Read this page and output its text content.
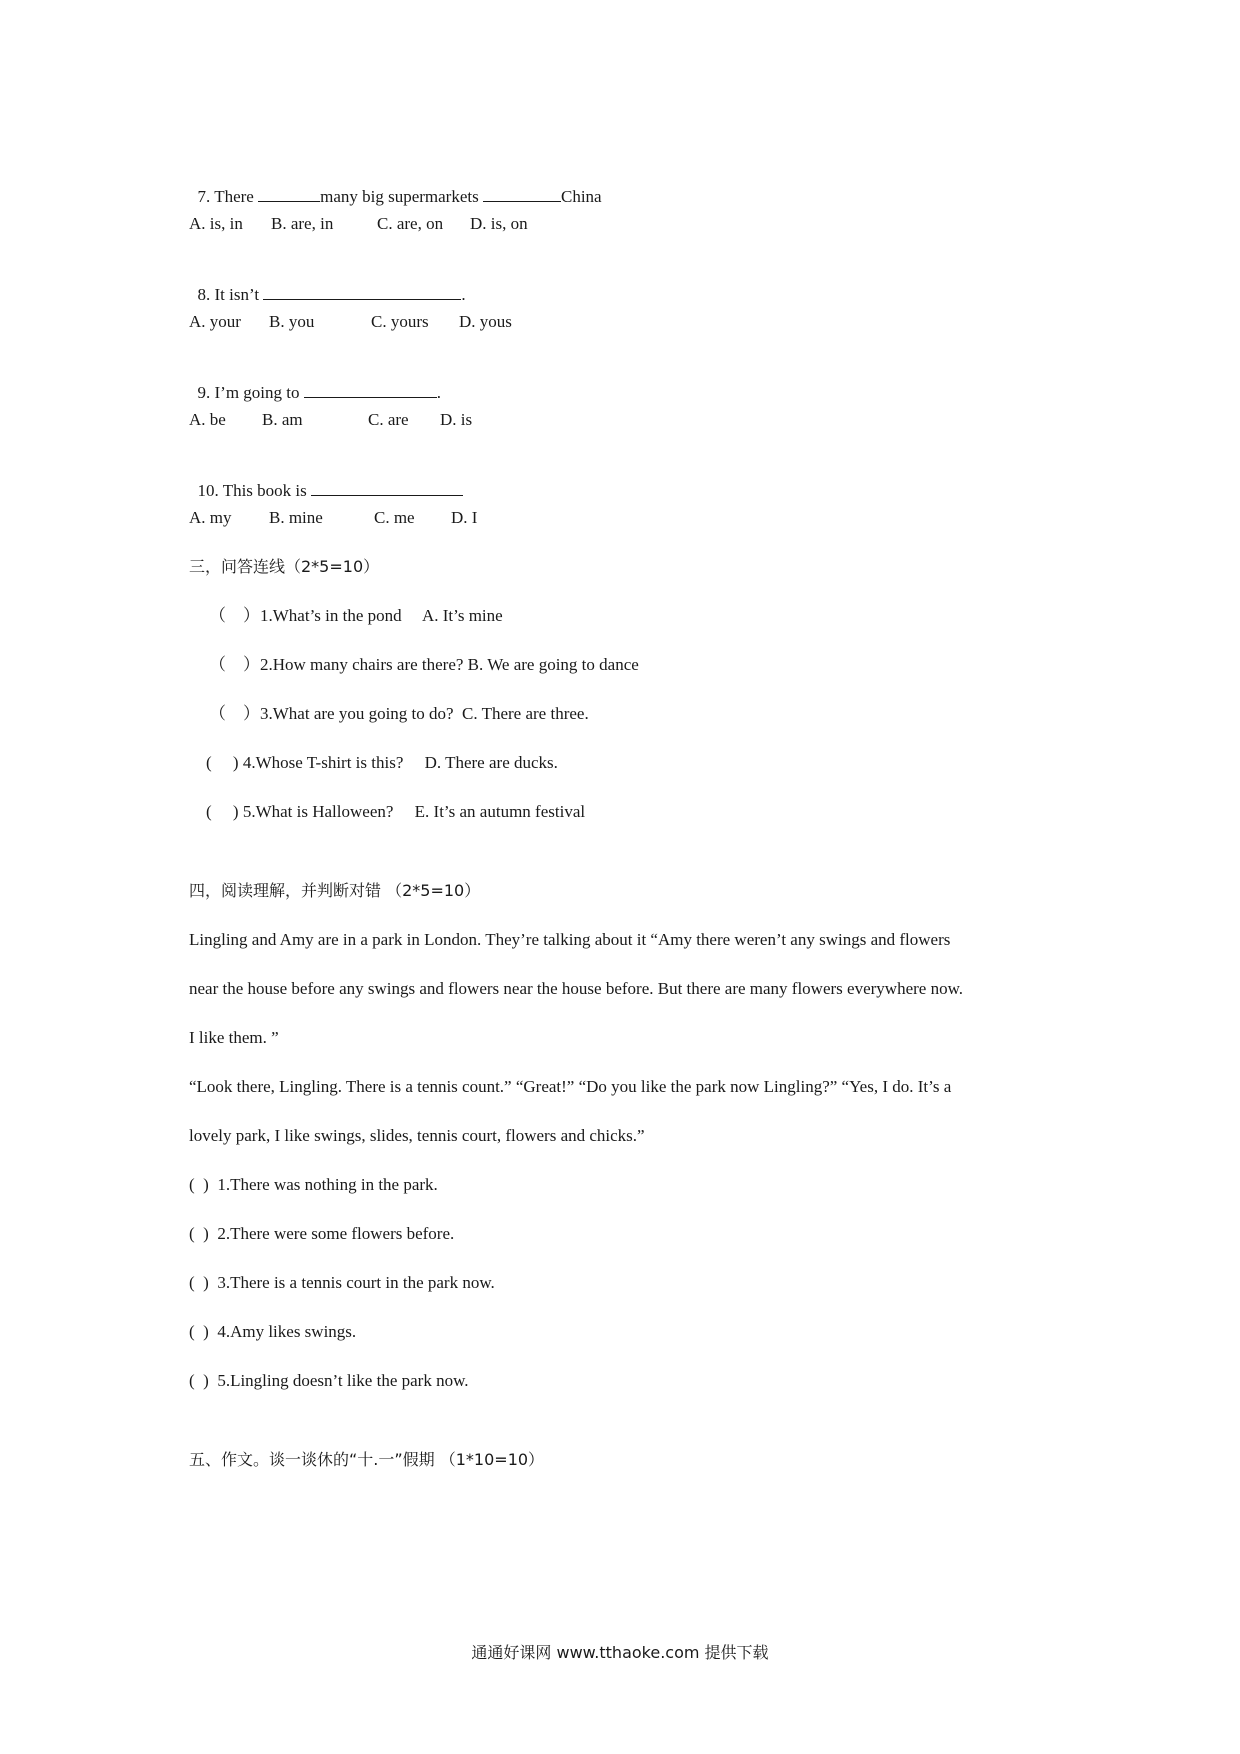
7. There	many big supermarkets	China

A. is, in

B. are, in

	C. are, on

D. is, on

8. It isn’t	.

A. your

B. you

	C. yours

D. yous

9. I’m going to	.

A. be

B. am

	C. are

D. is

10. This book is

A. my

B. mine

	C. me

D. I

三，问答连线（2*5=10）
（　）1.What’s in the pond　 A. It’s mine
（　）2.How many chairs are there? B. We are going to dance
（　）3.What are you going to do?  C. There are three.
(　 ) 4.Whose T-shirt is this?　 D. There are ducks.
(　 ) 5.What is Halloween?　 E. It’s an autumn festival
四，阅读理解，并判断对错 （2*5=10）
Lingling and Amy are in a park in London. They’re talking about it “Amy there weren’t any swings and flowers
near the house before any swings and flowers near the house before. But there are many flowers everywhere now.
I like them. ”
“Look there, Lingling. There is a tennis count.” “Great!” “Do you like the park now Lingling?” “Yes, I do. It’s a
lovely park, I like swings, slides, tennis court, flowers and chicks.”
(  )  1.There was nothing in the park.
(  )  2.There were some flowers before.
(  )  3.There is a tennis court in the park now.
(  )  4.Amy likes swings.
(  )  5.Lingling doesn’t like the park now.
五、作文。谈一谈休的“十.一”假期 （1*10=10）
通通好课网 www.tthaoke.com 提供下载
